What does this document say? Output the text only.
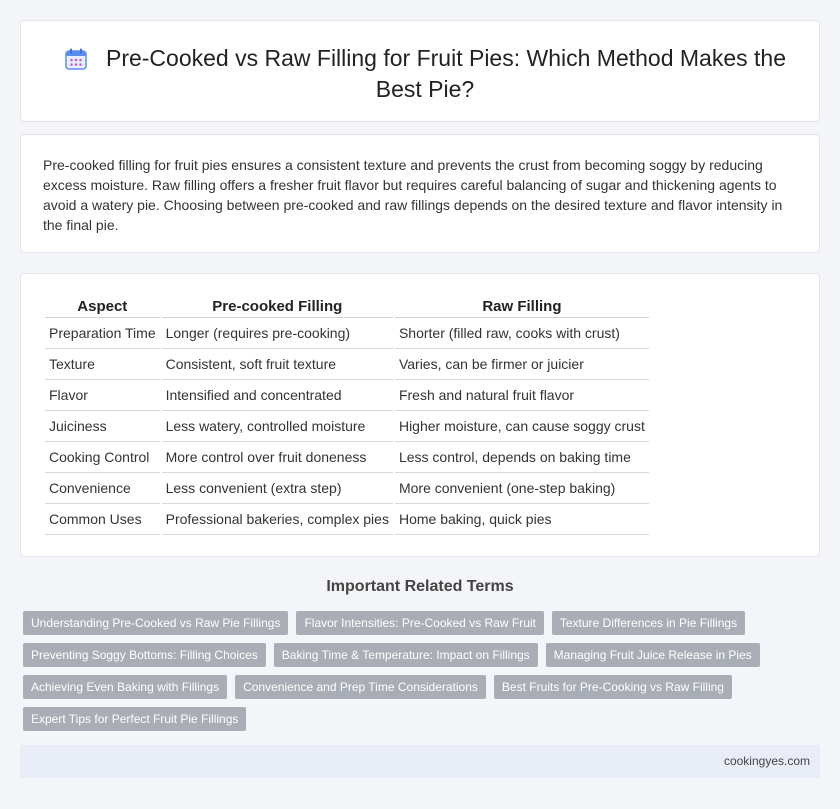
Pre-Cooked vs Raw Filling for Fruit Pies: Which Method Makes the Best Pie?

Pre-cooked filling for fruit pies ensures a consistent texture and prevents the crust from becoming soggy by reducing excess moisture. Raw filling offers a fresher fruit flavor but requires careful balancing of sugar and thickening agents to avoid a watery pie. Choosing between pre-cooked and raw fillings depends on the desired texture and flavor intensity in the final pie.

Aspect	Pre-cooked Filling	Raw Filling
Preparation Time	Longer (requires pre-cooking)	Shorter (filled raw, cooks with crust)
Texture	Consistent, soft fruit texture	Varies, can be firmer or juicier
Flavor	Intensified and concentrated	Fresh and natural fruit flavor
Juiciness	Less watery, controlled moisture	Higher moisture, can cause soggy crust
Cooking Control	More control over fruit doneness	Less control, depends on baking time
Convenience	Less convenient (extra step)	More convenient (one-step baking)
Common Uses	Professional bakeries, complex pies	Home baking, quick pies
Important Related Terms
Understanding Pre-Cooked vs Raw Pie Fillings	Flavor Intensities: Pre-Cooked vs Raw Fruit	Texture Differences in Pie Fillings
Preventing Soggy Bottoms: Filling Choices	Baking Time & Temperature: Impact on Fillings	Managing Fruit Juice Release in Pies
Achieving Even Baking with Fillings	Convenience and Prep Time Considerations	Best Fruits for Pre-Cooking vs Raw Filling
Expert Tips for Perfect Fruit Pie Fillings
cookingyes.com
